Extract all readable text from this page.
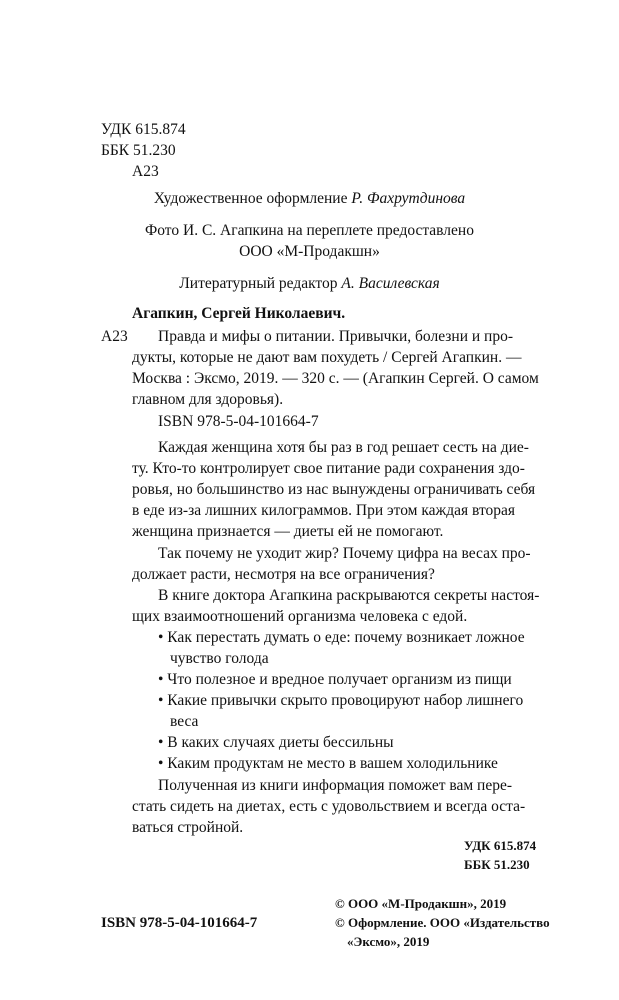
УДК 615.874
ББК 51.230
А23
Художественное оформление Р. Фахрутдинова
Фото И. С. Агапкина на переплете предоставлено
ООО «М-Продакшн»
Литературный редактор А. Василевская
Агапкин, Сергей Николаевич.
А23 Правда и мифы о питании. Привычки, болезни и про-
дукты, которые не дают вам похудеть / Сергей Агапкин. —
Москва : Эксмо, 2019. — 320 с. — (Агапкин Сергей. О самом
главном для здоровья).
ISBN 978-5-04-101664-7
Каждая женщина хотя бы раз в год решает сесть на дие-
ту. Кто-то контролирует свое питание ради сохранения здо-
ровья, но большинство из нас вынуждены ограничивать себя
в еде из-за лишних килограммов. При этом каждая вторая
женщина признается — диеты ей не помогают.
Так почему не уходит жир? Почему цифра на весах про-
должает расти, несмотря на все ограничения?
В книге доктора Агапкина раскрываются секреты настоя-
щих взаимоотношений организма человека с едой.
• Как перестать думать о еде: почему возникает ложное
чувство голода
• Что полезное и вредное получает организм из пищи
• Какие привычки скрыто провоцируют набор лишнего
веса
• В каких случаях диеты бессильны
• Каким продуктам не место в вашем холодильнике
Полученная из книги информация поможет вам пере-
стать сидеть на диетах, есть с удовольствием и всегда оста-
ваться стройной.
УДК 615.874
ББК 51.230
© ООО «М-Продакшн», 2019
ISBN 978-5-04-101664-7	© Оформление. ООО «Издательство
«Эксмо», 2019
